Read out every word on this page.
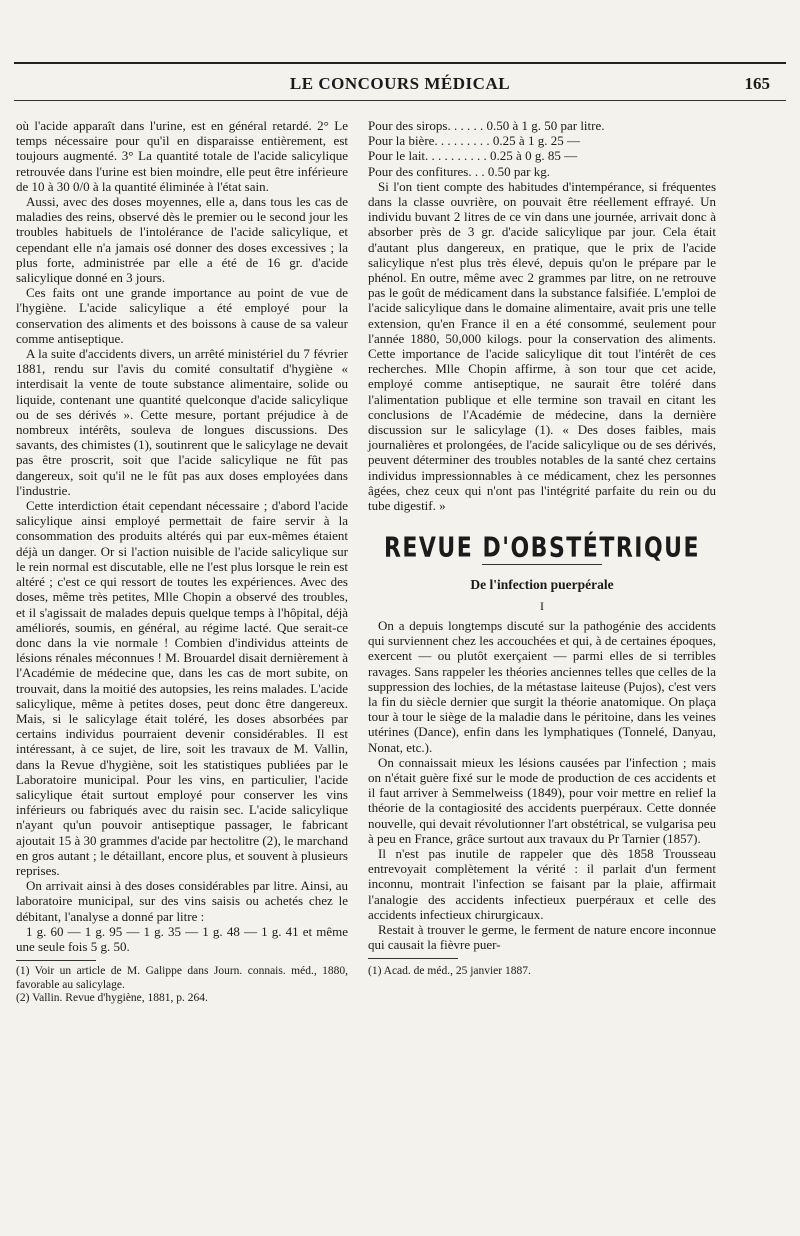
LE CONCOURS MÉDICAL	165

où l'acide apparaît dans l'urine, est en général retardé. 2° Le temps nécessaire pour qu'il en disparaisse entièrement, est toujours augmenté. 3° La quantité totale de l'acide salicylique retrouvée dans l'urine est bien moindre, elle peut être inférieure de 10 à 30 0/0 à la quantité éliminée à l'état sain.

Aussi, avec des doses moyennes, elle a, dans tous les cas de maladies des reins, observé dès le premier ou le second jour les troubles habituels de l'intolérance de l'acide salicylique, et cependant elle n'a jamais osé donner des doses excessives ; la plus forte, administrée par elle a été de 16 gr. d'acide salicylique donné en 3 jours.

Ces faits ont une grande importance au point de vue de l'hygiène. L'acide salicylique a été employé pour la conservation des aliments et des boissons à cause de sa valeur comme antiseptique.

A la suite d'accidents divers, un arrêté ministériel du 7 février 1881, rendu sur l'avis du comité consultatif d'hygiène « interdisait la vente de toute substance alimentaire, solide ou liquide, contenant une quantité quelconque d'acide salicylique ou de ses dérivés ». Cette mesure, portant préjudice à de nombreux intérêts, souleva de longues discussions. Des savants, des chimistes (1), soutinrent que le salicylage ne devait pas être proscrit, soit que l'acide salicylique ne fût pas dangereux, soit qu'il ne le fût pas aux doses employées dans l'industrie.

Cette interdiction était cependant nécessaire ; d'abord l'acide salicylique ainsi employé permettait de faire servir à la consommation des produits altérés qui par eux-mêmes étaient déjà un danger. Or si l'action nuisible de l'acide salicylique sur le rein normal est discutable, elle ne l'est plus lorsque le rein est altéré ; c'est ce qui ressort de toutes les expériences. Avec des doses, même très petites, Mlle Chopin a observé des troubles, et il s'agissait de malades depuis quelque temps à l'hôpital, déjà améliorés, soumis, en général, au régime lacté. Que serait-ce donc dans la vie normale ! Combien d'individus atteints de lésions rénales méconnues ! M. Brouardel disait dernièrement à l'Académie de médecine que, dans les cas de mort subite, on trouvait, dans la moitié des autopsies, les reins malades. L'acide salicylique, même à petites doses, peut donc être dangereux. Mais, si le salicylage était toléré, les doses absorbées par certains individus pourraient devenir considérables. Il est intéressant, à ce sujet, de lire, soit les travaux de M. Vallin, dans la Revue d'hygiène, soit les statistiques publiées par le Laboratoire municipal. Pour les vins, en particulier, l'acide salicylique était surtout employé pour conserver les vins inférieurs ou fabriqués avec du raisin sec. L'acide salicylique n'ayant qu'un pouvoir antiseptique passager, le fabricant ajoutait 15 à 30 grammes d'acide par hectolitre (2), le marchand en gros autant ; le détaillant, encore plus, et souvent à plusieurs reprises.

On arrivait ainsi à des doses considérables par litre. Ainsi, au laboratoire municipal, sur des vins saisis ou achetés chez le débitant, l'analyse a donné par litre :

1 g. 60 — 1 g. 95 — 1 g. 35 — 1 g. 48 — 1 g. 41 et même une seule fois 5 g. 50.

(1) Voir un article de M. Galippe dans Journ. connais. méd., 1880, favorable au salicylage.

(2) Vallin. Revue d'hygiène, 1881, p. 264.

Pour des sirops. . . . . . 0.50 à 1 g. 50 par litre.

Pour la bière. . . . . . . . . 0.25 à 1 g. 25 —

Pour le lait. . . . . . . . . . 0.25 à 0 g. 85 —

Pour des confitures. . . 0.50 par kg.

Si l'on tient compte des habitudes d'intempérance, si fréquentes dans la classe ouvrière, on pouvait être réellement effrayé. Un individu buvant 2 litres de ce vin dans une journée, arrivait donc à absorber près de 3 gr. d'acide salicylique par jour. Cela était d'autant plus dangereux, en pratique, que le prix de l'acide salicylique n'est plus très élevé, depuis qu'on le prépare par le phénol. En outre, même avec 2 grammes par litre, on ne retrouve pas le goût de médicament dans la substance falsifiée. L'emploi de l'acide salicylique dans le domaine alimentaire, avait pris une telle extension, qu'en France il en a été consommé, seulement pour l'année 1880, 50,000 kilogs. pour la conservation des aliments. Cette importance de l'acide salicylique dit tout l'intérêt de ces recherches. Mlle Chopin affirme, à son tour que cet acide, employé comme antiseptique, ne saurait être toléré dans l'alimentation publique et elle termine son travail en citant les conclusions de l'Académie de médecine, dans la dernière discussion sur le salicylage (1). « Des doses faibles, mais journalières et prolongées, de l'acide salicylique ou de ses dérivés, peuvent déterminer des troubles notables de la santé chez certains individus impressionnables à ce médicament, chez les personnes âgées, chez ceux qui n'ont pas l'intégrité parfaite du rein ou du tube digestif. »

REVUE D'OBSTÉTRIQUE
De l'infection puerpérale
I

On a depuis longtemps discuté sur la pathogénie des accidents qui surviennent chez les accouchées et qui, à de certaines époques, exercent — ou plutôt exerçaient — parmi elles de si terribles ravages. Sans rappeler les théories anciennes telles que celles de la suppression des lochies, de la métastase laiteuse (Pujos), c'est vers la fin du siècle dernier que surgit la théorie anatomique. On plaça tour à tour le siège de la maladie dans le péritoine, dans les veines utérines (Dance), enfin dans les lymphatiques (Tonnelé, Danyau, Nonat, etc.).

On connaissait mieux les lésions causées par l'infection ; mais on n'était guère fixé sur le mode de production de ces accidents et il faut arriver à Semmelweiss (1849), pour voir mettre en relief la théorie de la contagiosité des accidents puerpéraux. Cette donnée nouvelle, qui devait révolutionner l'art obstétrical, se vulgarisa peu à peu en France, grâce surtout aux travaux du Pr Tarnier (1857).

Il n'est pas inutile de rappeler que dès 1858 Trousseau entrevoyait complètement la vérité : il parlait d'un ferment inconnu, montrait l'infection se faisant par la plaie, affirmait l'analogie des accidents infectieux puerpéraux et celle des accidents infectieux chirurgicaux.

Restait à trouver le germe, le ferment de nature encore inconnue qui causait la fièvre puer-

(1) Acad. de méd., 25 janvier 1887.
